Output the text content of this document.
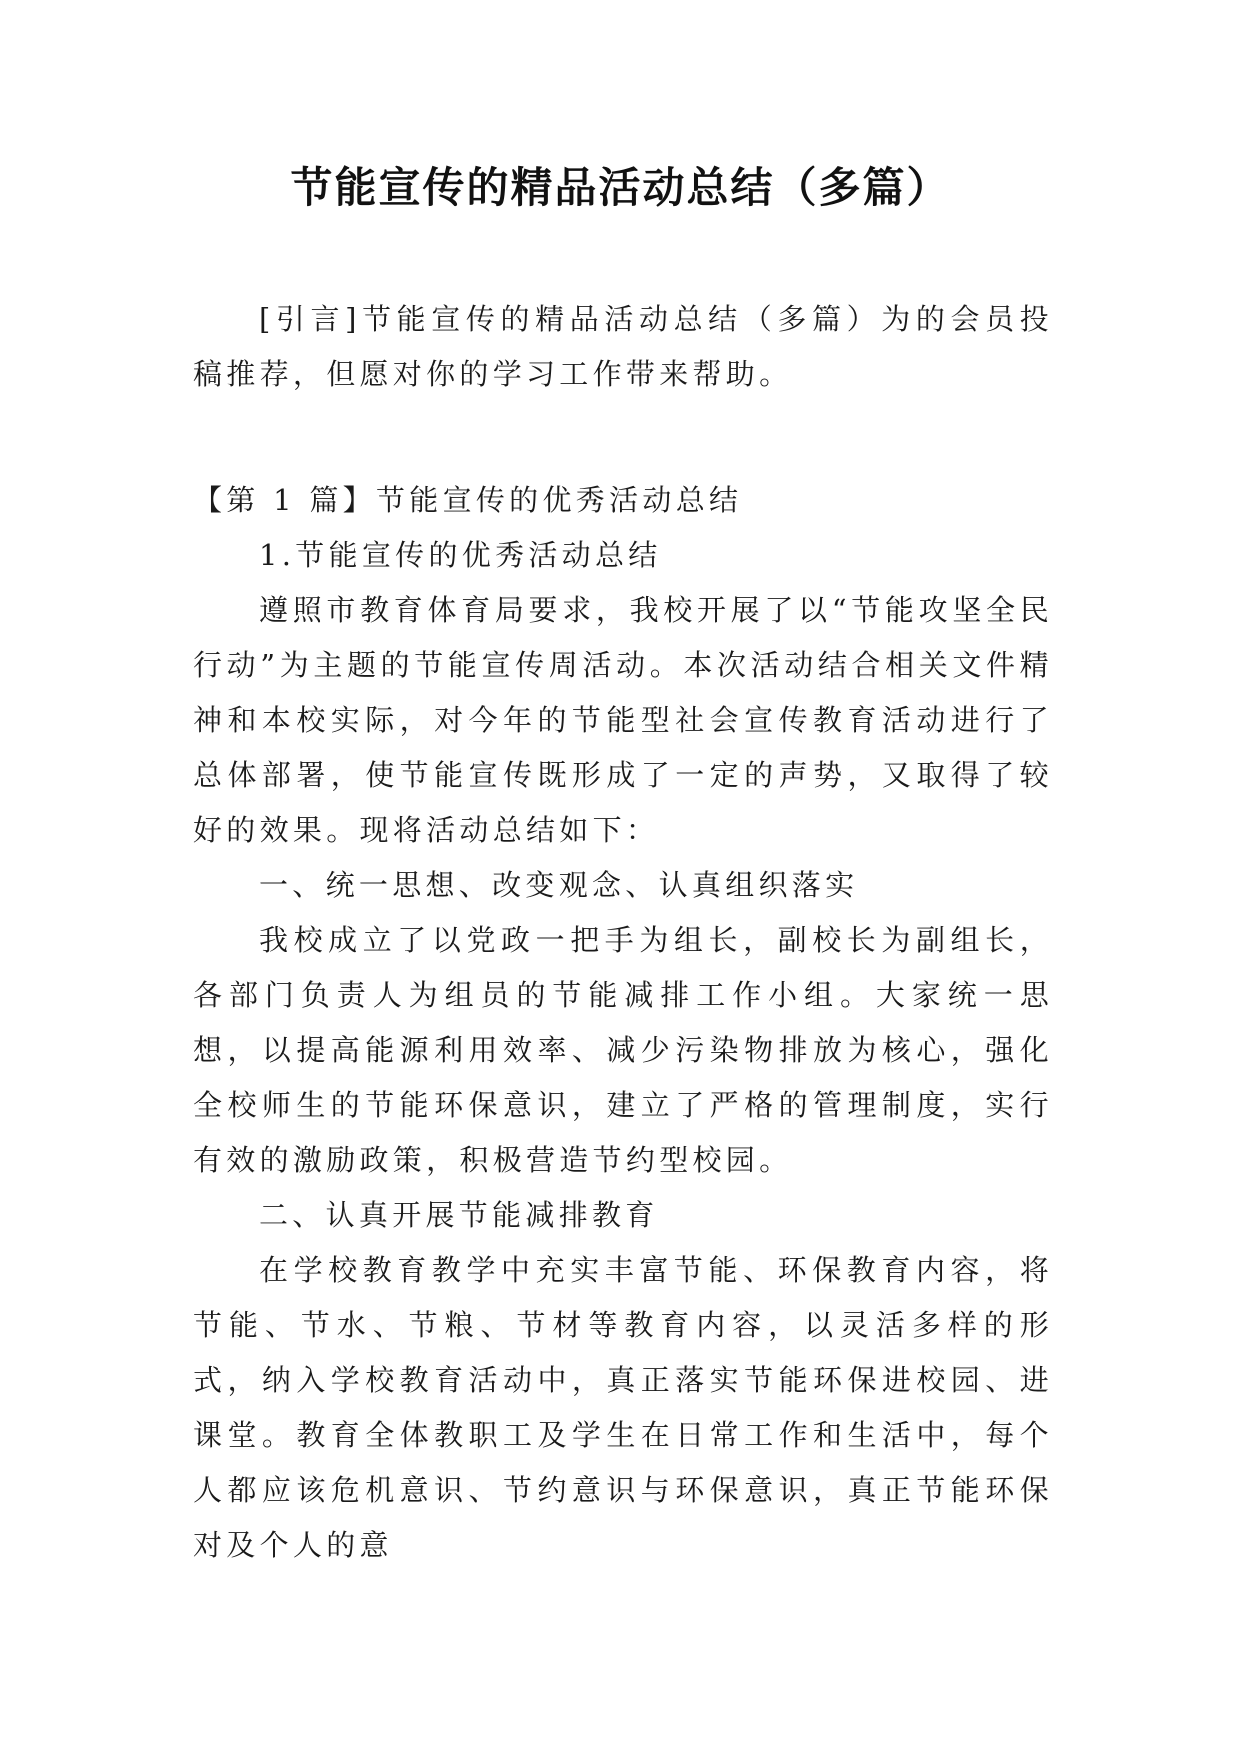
节能宣传的精品活动总结（多篇）

[引言]节能宣传的精品活动总结（多篇）为的会员投稿推荐，但愿对你的学习工作带来帮助。

【第 1 篇】节能宣传的优秀活动总结

1.节能宣传的优秀活动总结

遵照市教育体育局要求，我校开展了以“节能攻坚全民行动”为主题的节能宣传周活动。本次活动结合相关文件精神和本校实际，对今年的节能型社会宣传教育活动进行了总体部署，使节能宣传既形成了一定的声势，又取得了较好的效果。现将活动总结如下：

一、统一思想、改变观念、认真组织落实

我校成立了以党政一把手为组长，副校长为副组长，各部门负责人为组员的节能减排工作小组。大家统一思想，以提高能源利用效率、减少污染物排放为核心，强化全校师生的节能环保意识，建立了严格的管理制度，实行有效的激励政策，积极营造节约型校园。

二、认真开展节能减排教育

在学校教育教学中充实丰富节能、环保教育内容，将节能、节水、节粮、节材等教育内容，以灵活多样的形式，纳入学校教育活动中，真正落实节能环保进校园、进课堂。教育全体教职工及学生在日常工作和生活中，每个人都应该危机意识、节约意识与环保意识，真正节能环保对及个人的意
